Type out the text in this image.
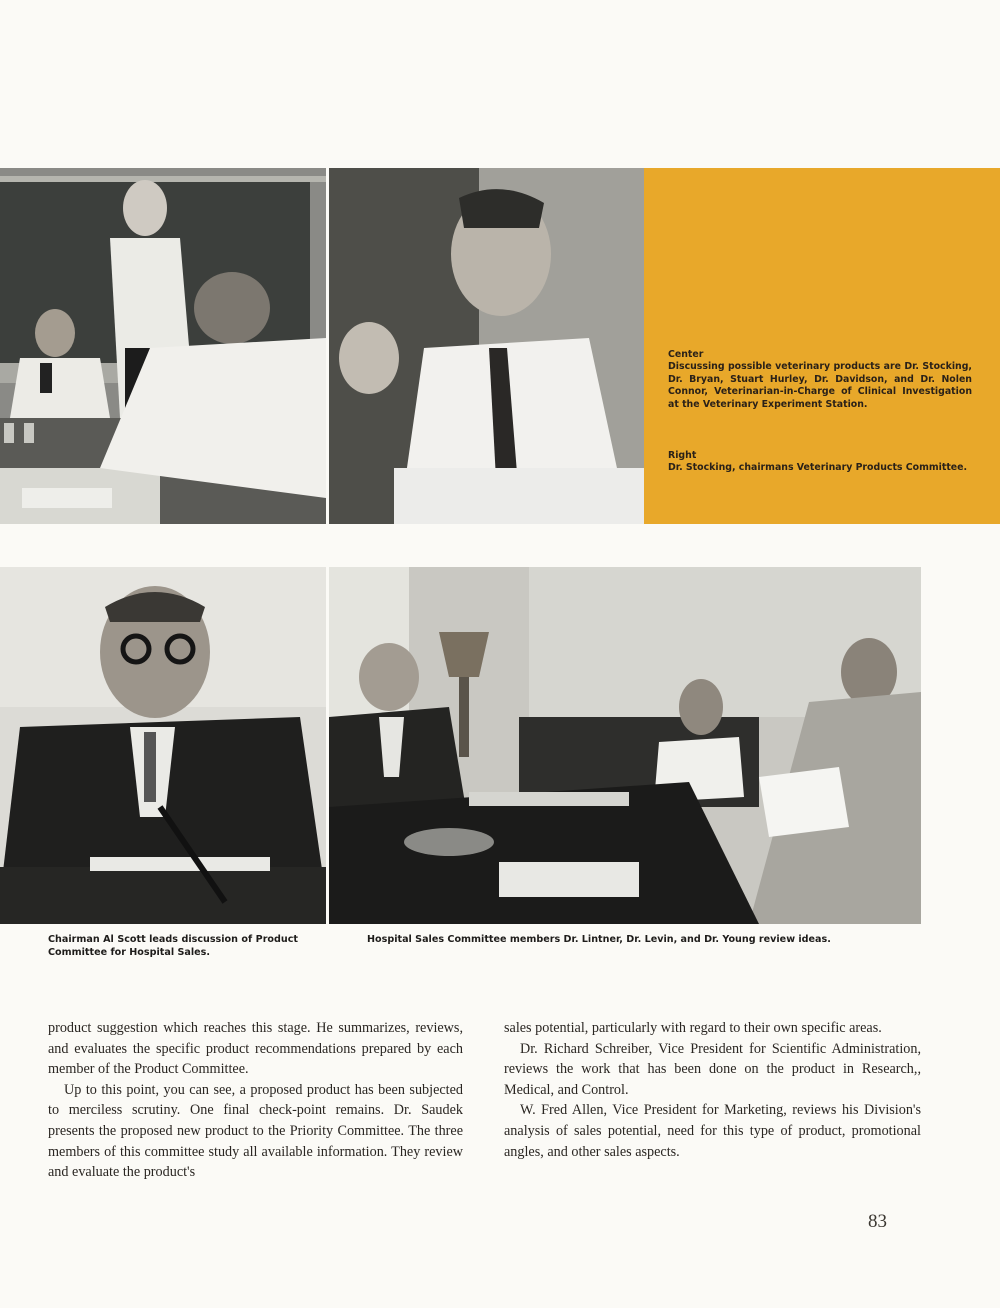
Center
Discussing possible veterinary products are Dr. Stocking, Dr. Bryan, Stuart Hurley, Dr. Davidson, and Dr. Nolen Connor, Veterinarian-in-Charge of Clinical Investigation at the Veterinary Experiment Station.
Right
Dr. Stocking, chairmans Veterinary Products Committee.
Chairman Al Scott leads discussion of Product Committee for Hospital Sales.
Hospital Sales Committee members Dr. Lintner, Dr. Levin, and Dr. Young review ideas.

product suggestion which reaches this stage. He summarizes, reviews, and evaluates the specific product recommendations prepared by each member of the Product Committee.

Up to this point, you can see, a proposed product has been subjected to merciless scrutiny. One final check-point remains. Dr. Saudek presents the proposed new product to the Priority Committee. The three members of this committee study all available information. They review and evaluate the product's

sales potential, particularly with regard to their own specific areas.

Dr. Richard Schreiber, Vice President for Scientific Administration, reviews the work that has been done on the product in Research,, Medical, and Control.

W. Fred Allen, Vice President for Marketing, reviews his Division's analysis of sales potential, need for this type of product, promotional angles, and other sales aspects.

83
